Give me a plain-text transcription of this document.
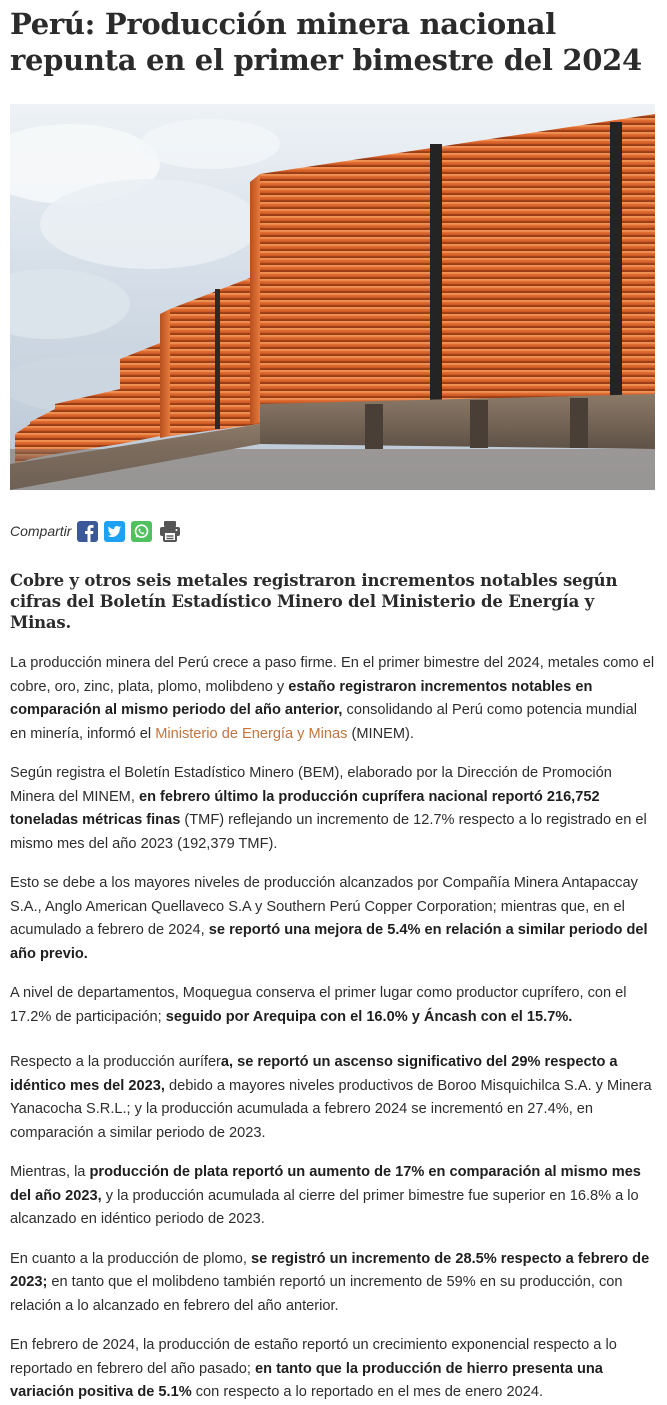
Perú: Producción minera nacional repunta en el primer bimestre del 2024
Compartir
Cobre y otros seis metales registraron incrementos notables según cifras del Boletín Estadístico Minero del Ministerio de Energía y Minas.

La producción minera del Perú crece a paso firme. En el primer bimestre del 2024, metales como el cobre, oro, zinc, plata, plomo, molibdeno y estaño registraron incrementos notables en comparación al mismo periodo del año anterior, consolidando al Perú como potencia mundial en minería, informó el Ministerio de Energía y Minas (MINEM).

Según registra el Boletín Estadístico Minero (BEM), elaborado por la Dirección de Promoción Minera del MINEM, en febrero último la producción cuprífera nacional reportó 216,752 toneladas métricas finas (TMF) reflejando un incremento de 12.7% respecto a lo registrado en el mismo mes del año 2023 (192,379 TMF).

Esto se debe a los mayores niveles de producción alcanzados por Compañía Minera Antapaccay S.A., Anglo American Quellaveco S.A y Southern Perú Copper Corporation; mientras que, en el acumulado a febrero de 2024, se reportó una mejora de 5.4% en relación a similar periodo del año previo.

A nivel de departamentos, Moquegua conserva el primer lugar como productor cuprífero, con el 17.2% de participación; seguido por Arequipa con el 16.0% y Áncash con el 15.7%.

Respecto a la producción aurífera, se reportó un ascenso significativo del 29% respecto a idéntico mes del 2023, debido a mayores niveles productivos de Boroo Misquichilca S.A. y Minera Yanacocha S.R.L.; y la producción acumulada a febrero 2024 se incrementó en 27.4%, en comparación a similar periodo de 2023.

Mientras, la producción de plata reportó un aumento de 17% en comparación al mismo mes del año 2023, y la producción acumulada al cierre del primer bimestre fue superior en 16.8% a lo alcanzado en idéntico periodo de 2023.

En cuanto a la producción de plomo, se registró un incremento de 28.5% respecto a febrero de 2023; en tanto que el molibdeno también reportó un incremento de 59% en su producción, con relación a lo alcanzado en febrero del año anterior.

En febrero de 2024, la producción de estaño reportó un crecimiento exponencial respecto a lo reportado en febrero del año pasado; en tanto que la producción de hierro presenta una variación positiva de 5.1% con respecto a lo reportado en el mes de enero 2024.
